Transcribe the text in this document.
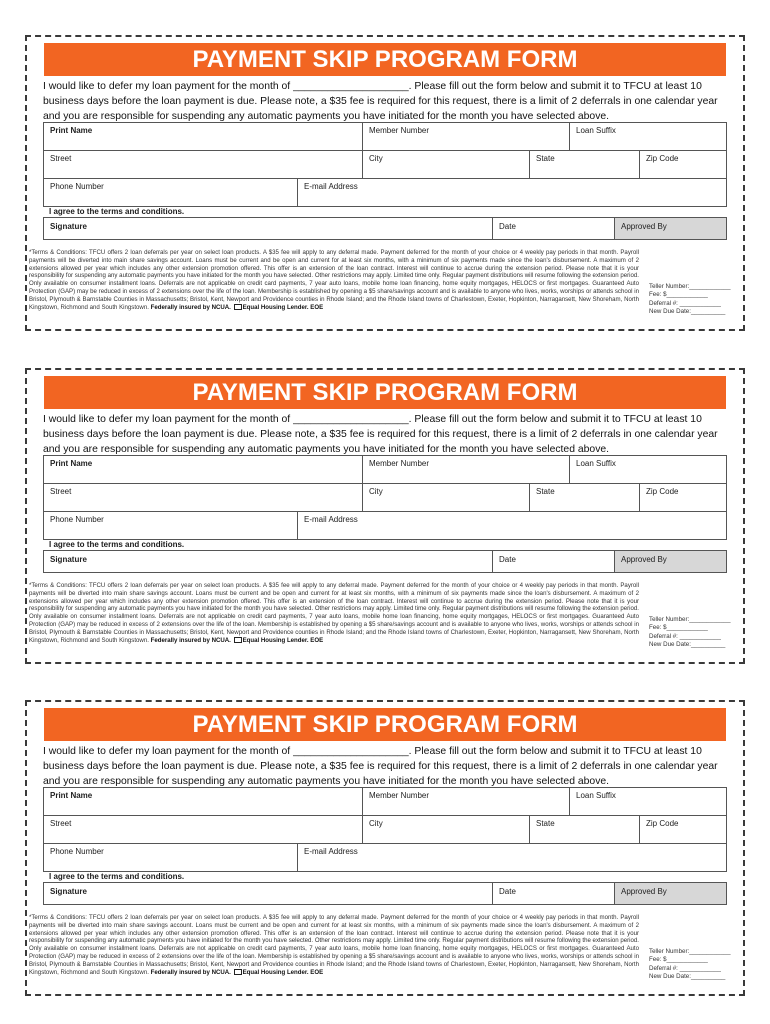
PAYMENT SKIP PROGRAM FORM
I would like to defer my loan payment for the month of ____________________. Please fill out the form below and submit it to TFCU at least 10 business days before the loan payment is due. Please note, a $35 fee is required for this request, there is a limit of 2 deferrals in one calendar year and you are responsible for suspending any automatic payments you have initiated for the month you have selected above.
Print Name	Member Number	Loan Suffix
Street	City	State	Zip Code
Phone Number	E-mail Address
I agree to the terms and conditions.
Signature	Date	Approved By
*Terms & Conditions: TFCU offers 2 loan deferrals per year on select loan products. A $35 fee will apply to any deferral made. Payment deferred for the month of your choice or 4 weekly pay periods in that month. Payroll payments will be diverted into main share savings account. Loans must be current and be open and current for at least six months, with a minimum of six payments made since the loan's disbursement. A maximum of 2 extensions allowed per year which includes any other extension promotion offered. This offer is an extension of the loan contract. Interest will continue to accrue during the extension period. Please note that it is your responsibility for suspending any automatic payments you have initiated for the month you have selected. Other restrictions may apply. Limited time only. Regular payment distributions will resume following the extension period. Only available on consumer installment loans. Deferrals are not applicable on credit card payments, 7 year auto loans, mobile home loan financing, home equity mortgages, HELOCS or first mortgages. Guaranteed Auto Protection (GAP) may be reduced in excess of 2 extensions over the life of the loan. Membership is established by opening a $5 share/savings account and is available to anyone who lives, works, worships or attends school in Bristol, Plymouth & Barnstable Counties in Massachusetts; Bristol, Kent, Newport and Providence counties in Rhode Island; and the Rhode Island towns of Charlestown, Exeter, Hopkinton, Narragansett, New Shoreham, North Kingstown, Richmond and South Kingstown. Federally insured by NCUA. Equal Housing Lender. EOE
Teller Number:____________
Fee: $____________
Deferral #: ____________
New Due Date:__________
PAYMENT SKIP PROGRAM FORM
I would like to defer my loan payment for the month of ____________________. Please fill out the form below and submit it to TFCU at least 10 business days before the loan payment is due. Please note, a $35 fee is required for this request, there is a limit of 2 deferrals in one calendar year and you are responsible for suspending any automatic payments you have initiated for the month you have selected above.
Print Name	Member Number	Loan Suffix
Street	City	State	Zip Code
Phone Number	E-mail Address
I agree to the terms and conditions.
Signature	Date	Approved By
*Terms & Conditions: TFCU offers 2 loan deferrals per year on select loan products. A $35 fee will apply to any deferral made. Payment deferred for the month of your choice or 4 weekly pay periods in that month. Payroll payments will be diverted into main share savings account. Loans must be current and be open and current for at least six months, with a minimum of six payments made since the loan's disbursement. A maximum of 2 extensions allowed per year which includes any other extension promotion offered. This offer is an extension of the loan contract. Interest will continue to accrue during the extension period. Please note that it is your responsibility for suspending any automatic payments you have initiated for the month you have selected. Other restrictions may apply. Limited time only. Regular payment distributions will resume following the extension period. Only available on consumer installment loans. Deferrals are not applicable on credit card payments, 7 year auto loans, mobile home loan financing, home equity mortgages, HELOCS or first mortgages. Guaranteed Auto Protection (GAP) may be reduced in excess of 2 extensions over the life of the loan. Membership is established by opening a $5 share/savings account and is available to anyone who lives, works, worships or attends school in Bristol, Plymouth & Barnstable Counties in Massachusetts; Bristol, Kent, Newport and Providence counties in Rhode Island; and the Rhode Island towns of Charlestown, Exeter, Hopkinton, Narragansett, New Shoreham, North Kingstown, Richmond and South Kingstown. Federally insured by NCUA. Equal Housing Lender. EOE
Teller Number:____________
Fee: $____________
Deferral #: ____________
New Due Date:__________
PAYMENT SKIP PROGRAM FORM
I would like to defer my loan payment for the month of ____________________. Please fill out the form below and submit it to TFCU at least 10 business days before the loan payment is due. Please note, a $35 fee is required for this request, there is a limit of 2 deferrals in one calendar year and you are responsible for suspending any automatic payments you have initiated for the month you have selected above.
Print Name	Member Number	Loan Suffix
Street	City	State	Zip Code
Phone Number	E-mail Address
I agree to the terms and conditions.
Signature	Date	Approved By
*Terms & Conditions: TFCU offers 2 loan deferrals per year on select loan products. A $35 fee will apply to any deferral made. Payment deferred for the month of your choice or 4 weekly pay periods in that month. Payroll payments will be diverted into main share savings account. Loans must be current and be open and current for at least six months, with a minimum of six payments made since the loan's disbursement. A maximum of 2 extensions allowed per year which includes any other extension promotion offered. This offer is an extension of the loan contract. Interest will continue to accrue during the extension period. Please note that it is your responsibility for suspending any automatic payments you have initiated for the month you have selected. Other restrictions may apply. Limited time only. Regular payment distributions will resume following the extension period. Only available on consumer installment loans. Deferrals are not applicable on credit card payments, 7 year auto loans, mobile home loan financing, home equity mortgages, HELOCS or first mortgages. Guaranteed Auto Protection (GAP) may be reduced in excess of 2 extensions over the life of the loan. Membership is established by opening a $5 share/savings account and is available to anyone who lives, works, worships or attends school in Bristol, Plymouth & Barnstable Counties in Massachusetts; Bristol, Kent, Newport and Providence counties in Rhode Island; and the Rhode Island towns of Charlestown, Exeter, Hopkinton, Narragansett, New Shoreham, North Kingstown, Richmond and South Kingstown. Federally insured by NCUA. Equal Housing Lender. EOE
Teller Number:____________
Fee: $____________
Deferral #: ____________
New Due Date:__________
